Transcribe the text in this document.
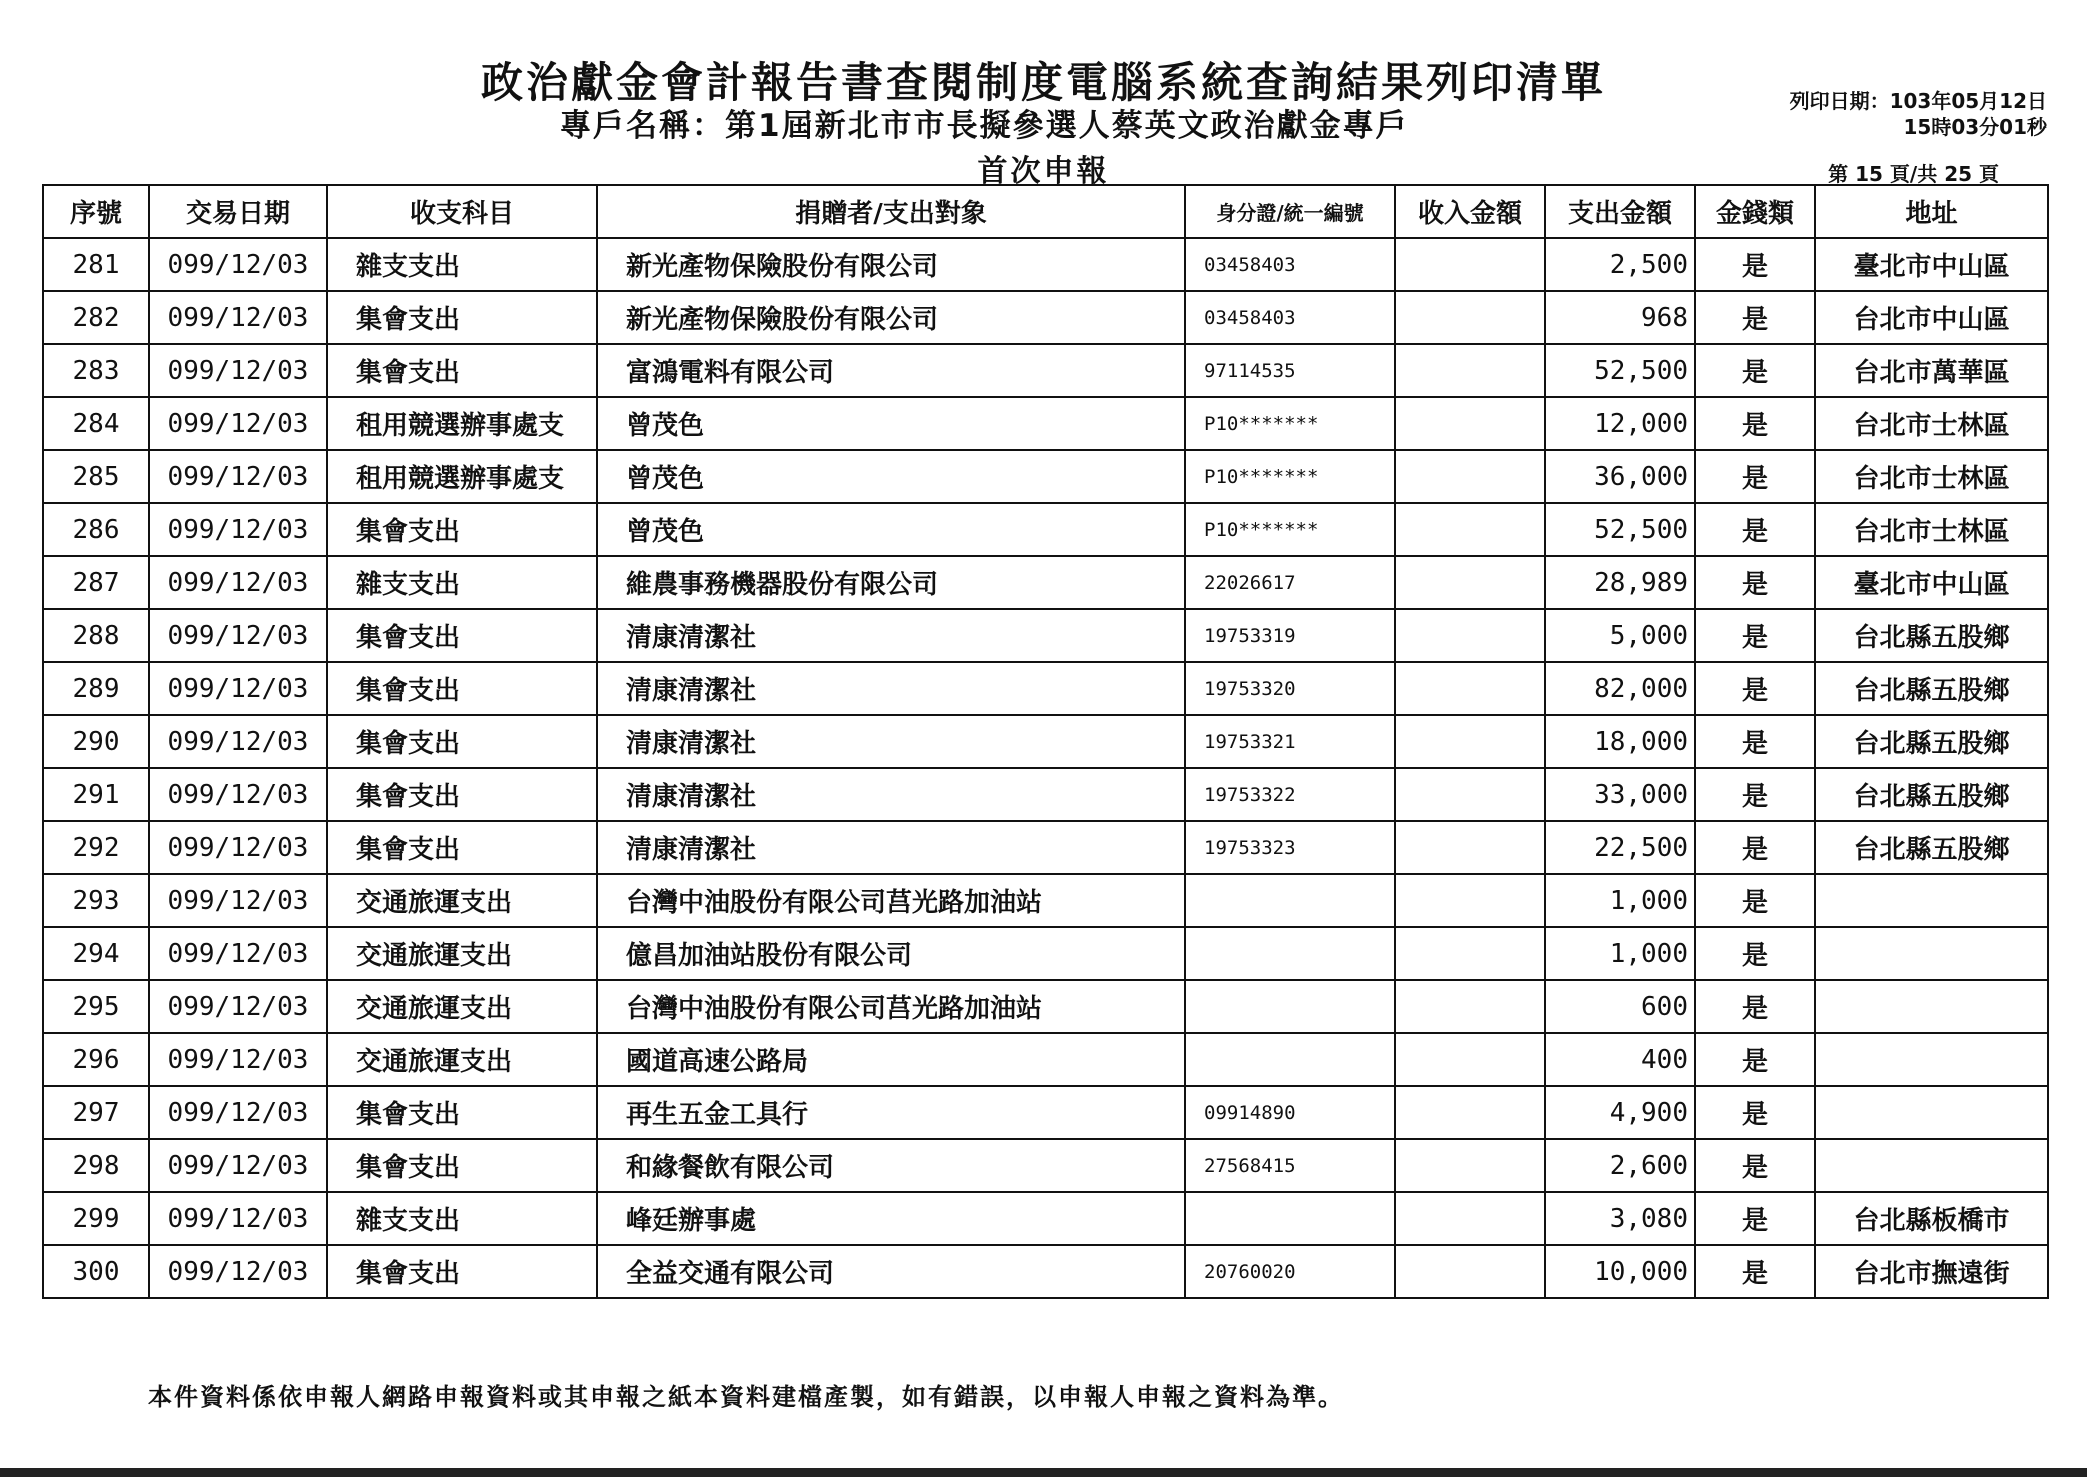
政治獻金會計報告書查閱制度電腦系統查詢結果列印清單
專戶名稱：第1屆新北市市長擬參選人蔡英文政治獻金專戶
首次申報
列印日期：103年05月12日
15時03分01秒
第 15 頁/共 25 頁
序號	交易日期	收支科目	捐贈者/支出對象	身分證/統一編號	收入金額	支出金額	金錢類	地址
281	099/12/03	雜支支出	新光產物保險股份有限公司	03458403		2,500	是	臺北市中山區
282	099/12/03	集會支出	新光產物保險股份有限公司	03458403		968	是	台北市中山區
283	099/12/03	集會支出	富鴻電料有限公司	97114535		52,500	是	台北市萬華區
284	099/12/03	租用競選辦事處支	曾茂色	P10*******		12,000	是	台北市士林區
285	099/12/03	租用競選辦事處支	曾茂色	P10*******		36,000	是	台北市士林區
286	099/12/03	集會支出	曾茂色	P10*******		52,500	是	台北市士林區
287	099/12/03	雜支支出	維農事務機器股份有限公司	22026617		28,989	是	臺北市中山區
288	099/12/03	集會支出	清康清潔社	19753319		5,000	是	台北縣五股鄉
289	099/12/03	集會支出	清康清潔社	19753320		82,000	是	台北縣五股鄉
290	099/12/03	集會支出	清康清潔社	19753321		18,000	是	台北縣五股鄉
291	099/12/03	集會支出	清康清潔社	19753322		33,000	是	台北縣五股鄉
292	099/12/03	集會支出	清康清潔社	19753323		22,500	是	台北縣五股鄉
293	099/12/03	交通旅運支出	台灣中油股份有限公司莒光路加油站			1,000	是	
294	099/12/03	交通旅運支出	億昌加油站股份有限公司			1,000	是	
295	099/12/03	交通旅運支出	台灣中油股份有限公司莒光路加油站			600	是	
296	099/12/03	交通旅運支出	國道高速公路局			400	是	
297	099/12/03	集會支出	再生五金工具行	09914890		4,900	是	
298	099/12/03	集會支出	和緣餐飲有限公司	27568415		2,600	是	
299	099/12/03	雜支支出	峰廷辦事處			3,080	是	台北縣板橋市
300	099/12/03	集會支出	全益交通有限公司	20760020		10,000	是	台北市撫遠街
本件資料係依申報人網路申報資料或其申報之紙本資料建檔產製，如有錯誤，以申報人申報之資料為準。
